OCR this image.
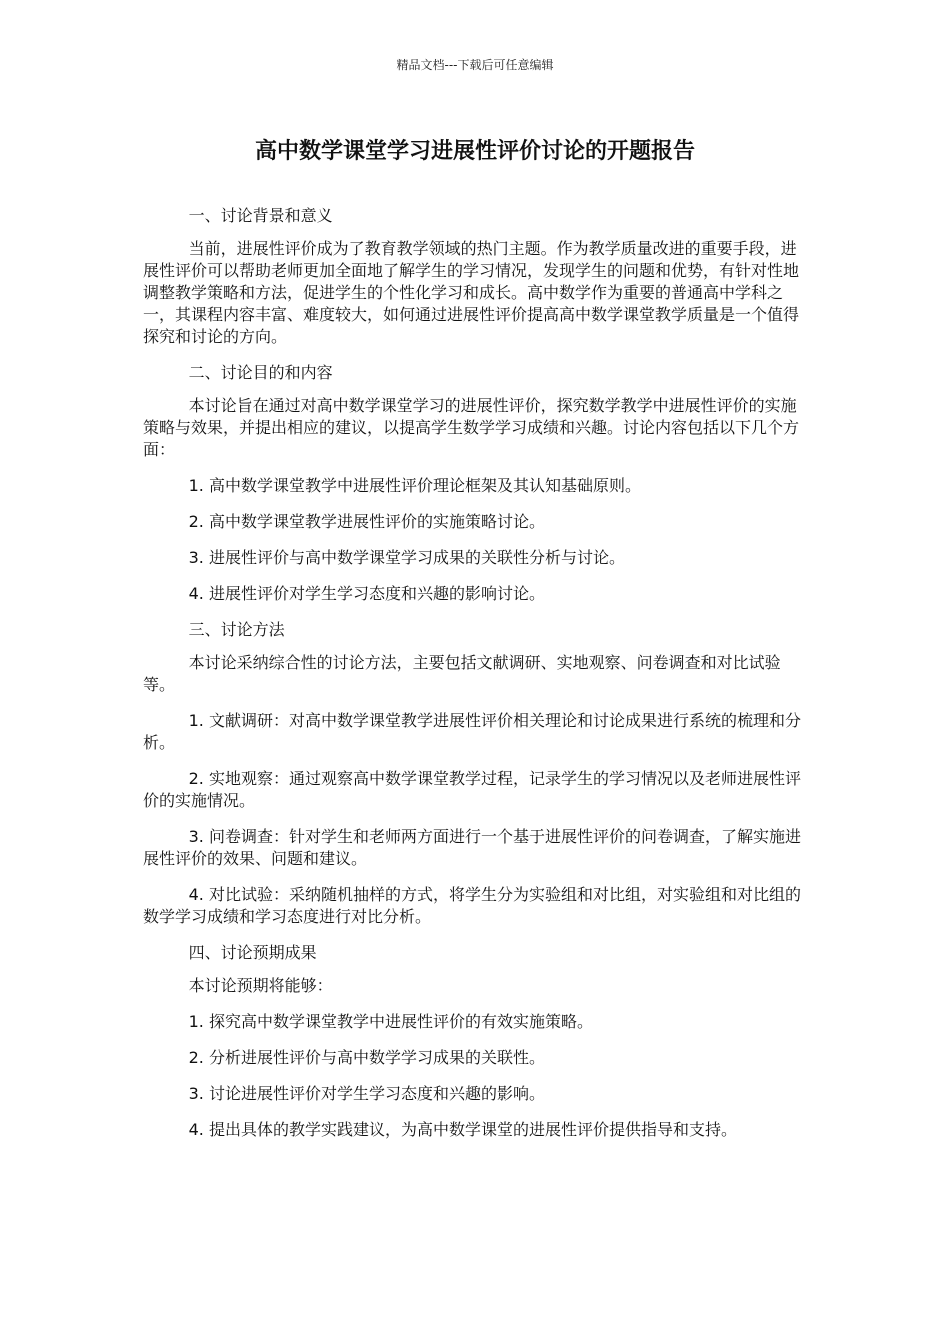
精品文档---下载后可任意编辑
高中数学课堂学习进展性评价讨论的开题报告

一、讨论背景和意义

当前，进展性评价成为了教育教学领域的热门主题。作为教学质量改进的重要手段，进展性评价可以帮助老师更加全面地了解学生的学习情况，发现学生的问题和优势，有针对性地调整教学策略和方法，促进学生的个性化学习和成长。高中数学作为重要的普通高中学科之一，其课程内容丰富、难度较大，如何通过进展性评价提高高中数学课堂教学质量是一个值得探究和讨论的方向。

二、讨论目的和内容

本讨论旨在通过对高中数学课堂学习的进展性评价，探究数学教学中进展性评价的实施策略与效果，并提出相应的建议，以提高学生数学学习成绩和兴趣。讨论内容包括以下几个方面：

1. 高中数学课堂教学中进展性评价理论框架及其认知基础原则。

2. 高中数学课堂教学进展性评价的实施策略讨论。

3. 进展性评价与高中数学课堂学习成果的关联性分析与讨论。

4. 进展性评价对学生学习态度和兴趣的影响讨论。

三、讨论方法

本讨论采纳综合性的讨论方法，主要包括文献调研、实地观察、问卷调查和对比试验等。

1. 文献调研：对高中数学课堂教学进展性评价相关理论和讨论成果进行系统的梳理和分析。

2. 实地观察：通过观察高中数学课堂教学过程，记录学生的学习情况以及老师进展性评价的实施情况。

3. 问卷调查：针对学生和老师两方面进行一个基于进展性评价的问卷调查，了解实施进展性评价的效果、问题和建议。

4. 对比试验：采纳随机抽样的方式，将学生分为实验组和对比组，对实验组和对比组的数学学习成绩和学习态度进行对比分析。

四、讨论预期成果

本讨论预期将能够：

1. 探究高中数学课堂教学中进展性评价的有效实施策略。

2. 分析进展性评价与高中数学学习成果的关联性。

3. 讨论进展性评价对学生学习态度和兴趣的影响。

4. 提出具体的教学实践建议，为高中数学课堂的进展性评价提供指导和支持。
